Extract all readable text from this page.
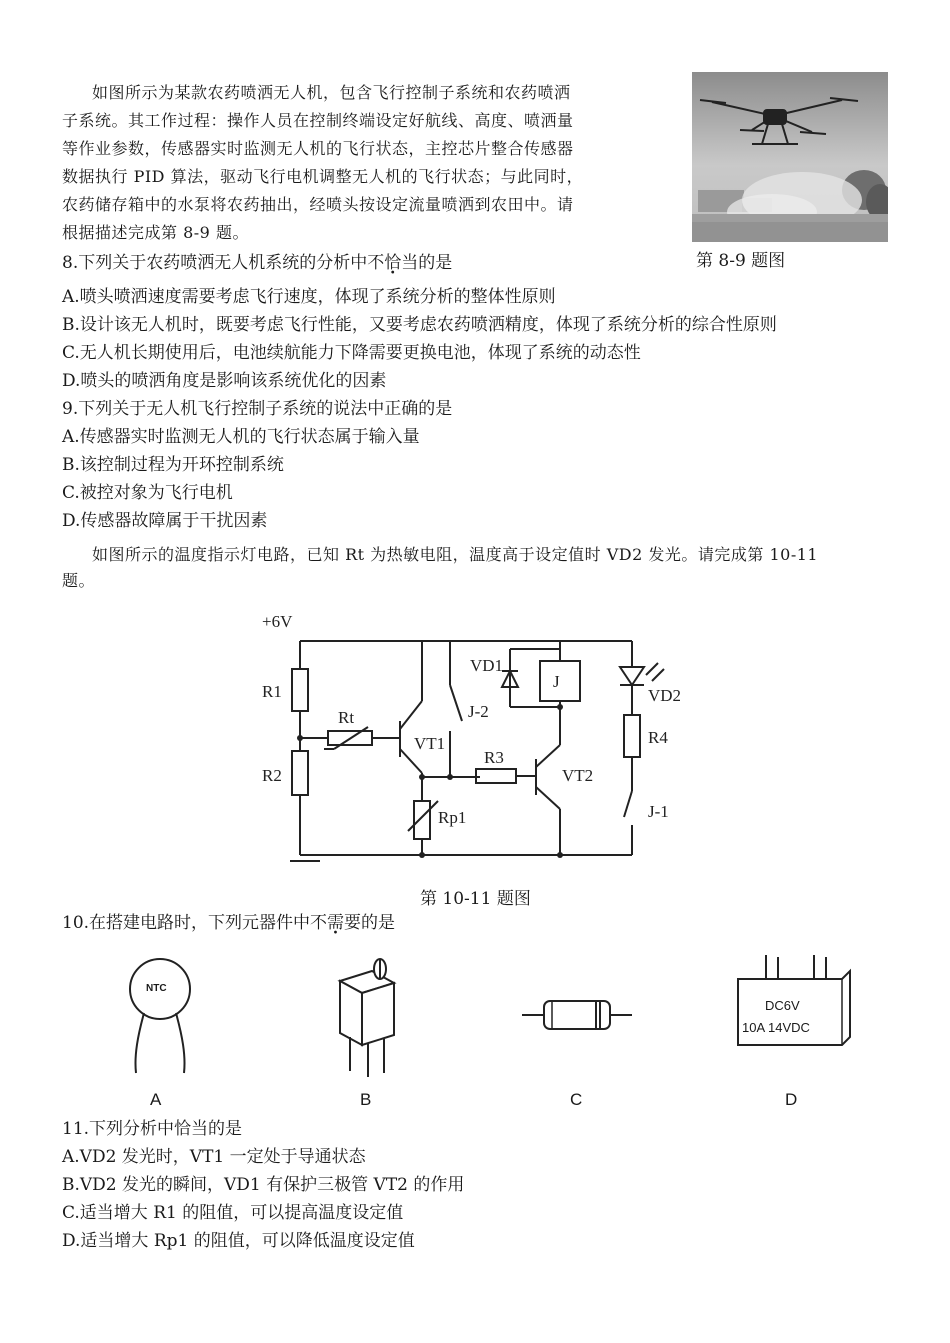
如图所示为某款农药喷洒无人机，包含飞行控制子系统和农药喷洒
子系统。其工作过程：操作人员在控制终端设定好航线、高度、喷洒量
等作业参数，传感器实时监测无人机的飞行状态，主控芯片整合传感器
数据执行 PID 算法，驱动飞行电机调整无人机的飞行状态；与此同时，
农药储存箱中的水泵将农药抽出，经喷头按设定流量喷洒到农田中。请
根据描述完成第 8-9 题。
第 8-9 题图
8.下列关于农药喷洒无人机系统的分析中不恰当的是
A.喷头喷洒速度需要考虑飞行速度，体现了系统分析的整体性原则
B.设计该无人机时，既要考虑飞行性能，又要考虑农药喷洒精度，体现了系统分析的综合性原则
C.无人机长期使用后，电池续航能力下降需要更换电池，体现了系统的动态性
D.喷头的喷洒角度是影响该系统优化的因素
9.下列关于无人机飞行控制子系统的说法中正确的是
A.传感器实时监测无人机的飞行状态属于输入量
B.该控制过程为开环控制系统
C.被控对象为飞行电机
D.传感器故障属于干扰因素
如图所示的温度指示灯电路，已知 Rt 为热敏电阻，温度高于设定值时 VD2 发光。请完成第 10-11
题。
+6V
R1
Rt
VT1
R2
Rp1
J-2
VD1
J
R3
VT2
VD2
R4
J-1
第 10-11 题图
10.在搭建电路时，下列元器件中不需要的是
NTC
DC6V
10A 14VDC
A	B	C	D
11.下列分析中恰当的是
A.VD2 发光时，VT1 一定处于导通状态
B.VD2 发光的瞬间，VD1 有保护三极管 VT2 的作用
C.适当增大 R1 的阻值，可以提高温度设定值
D.适当增大 Rp1 的阻值，可以降低温度设定值
